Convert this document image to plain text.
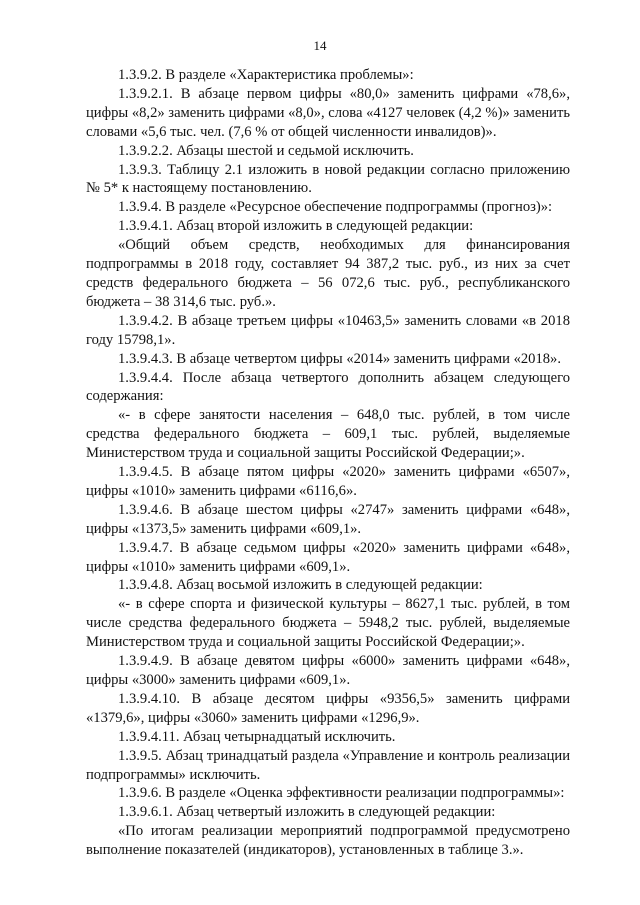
14

1.3.9.2. В разделе «Характеристика проблемы»:

1.3.9.2.1. В абзаце первом цифры «80,0» заменить цифрами «78,6», цифры «8,2» заменить цифрами «8,0», слова «4127 человек (4,2 %)» заменить словами «5,6 тыс. чел. (7,6 % от общей численности инвалидов)».

1.3.9.2.2. Абзацы шестой и седьмой исключить.

1.3.9.3. Таблицу 2.1 изложить в новой редакции согласно приложению № 5* к настоящему постановлению.

1.3.9.4. В разделе «Ресурсное обеспечение подпрограммы (прогноз)»:

1.3.9.4.1. Абзац второй изложить в следующей редакции:

«Общий объем средств, необходимых для финансирования подпрограммы в 2018 году, составляет 94 387,2 тыс. руб., из них за счет средств федерального бюджета – 56 072,6 тыс. руб., республиканского бюджета – 38 314,6 тыс. руб.».

1.3.9.4.2. В абзаце третьем цифры «10463,5» заменить словами «в 2018 году 15798,1».

1.3.9.4.3. В абзаце четвертом цифры «2014» заменить цифрами «2018».

1.3.9.4.4. После абзаца четвертого дополнить абзацем следующего содержания:

«- в сфере занятости населения – 648,0 тыс. рублей, в том числе средства федерального бюджета – 609,1 тыс. рублей, выделяемые Министерством труда и социальной защиты Российской Федерации;».

1.3.9.4.5. В абзаце пятом цифры «2020» заменить цифрами «6507», цифры «1010» заменить цифрами «6116,6».

1.3.9.4.6. В абзаце шестом цифры «2747» заменить цифрами «648», цифры «1373,5» заменить цифрами «609,1».

1.3.9.4.7. В абзаце седьмом цифры «2020» заменить цифрами «648», цифры «1010» заменить цифрами «609,1».

1.3.9.4.8. Абзац восьмой изложить в следующей редакции:

«- в сфере спорта и физической культуры – 8627,1 тыс. рублей, в том числе средства федерального бюджета – 5948,2 тыс. рублей, выделяемые Министерством труда и социальной защиты Российской Федерации;».

1.3.9.4.9. В абзаце девятом цифры «6000» заменить цифрами «648», цифры «3000» заменить цифрами «609,1».

1.3.9.4.10. В абзаце десятом цифры «9356,5» заменить цифрами «1379,6», цифры «3060» заменить цифрами «1296,9».

1.3.9.4.11. Абзац четырнадцатый исключить.

1.3.9.5. Абзац тринадцатый раздела «Управление и контроль реализации подпрограммы» исключить.

1.3.9.6. В разделе «Оценка эффективности реализации подпрограммы»:

1.3.9.6.1. Абзац четвертый изложить в следующей редакции:

«По итогам реализации мероприятий подпрограммой предусмотрено выполнение показателей (индикаторов), установленных в таблице 3.».
